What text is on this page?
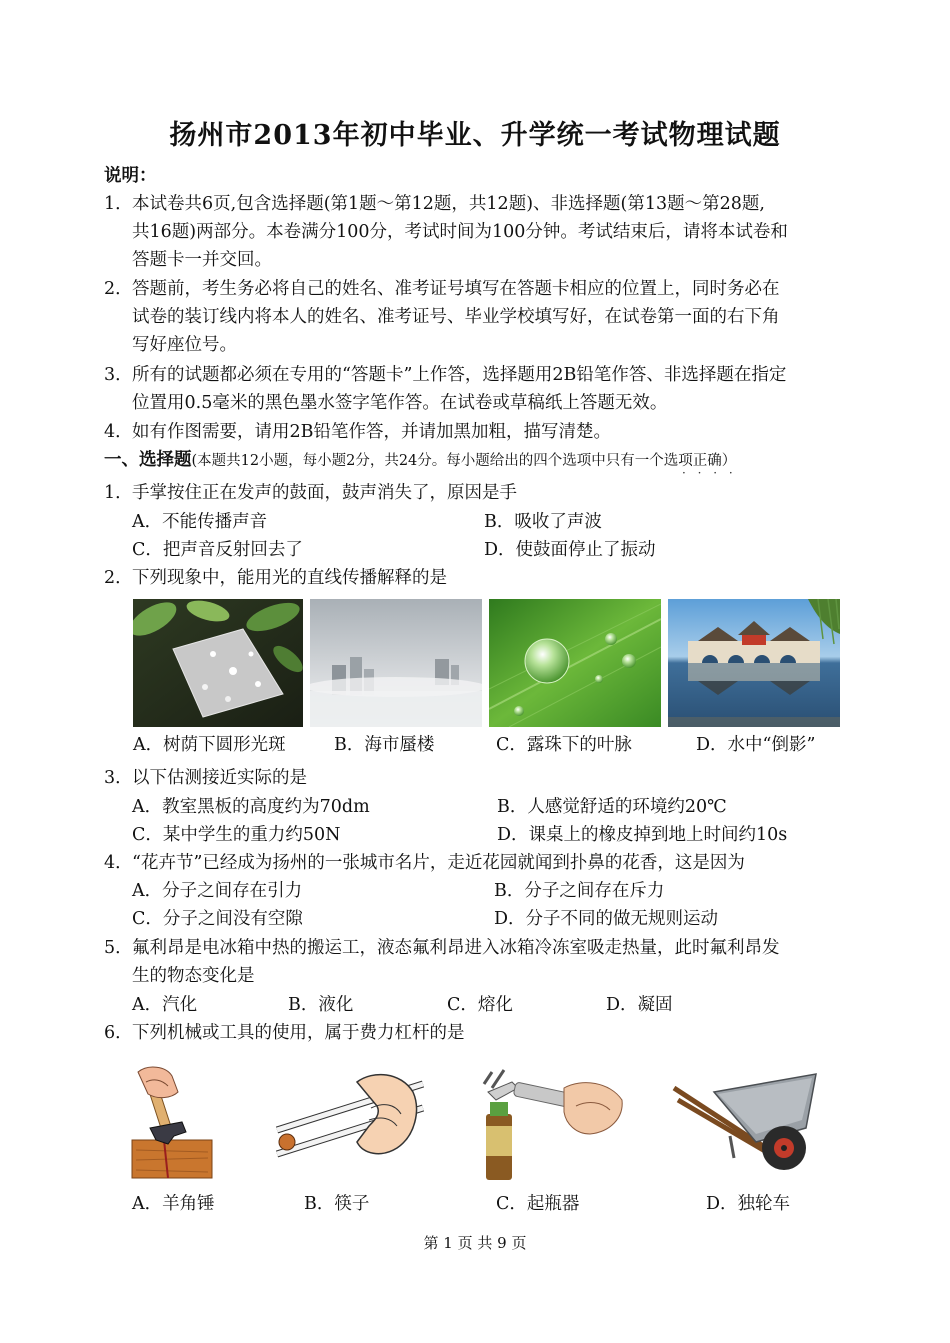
扬州市2013年初中毕业、升学统一考试物理试题
说明：
1． 本试卷共6页,包含选择题(第1题～第12题，共12题)、非选择题(第13题～第28题,
共16题)两部分。本卷满分100分，考试时间为100分钟。考试结束后，请将本试卷和
答题卡一并交回。
2． 答题前，考生务必将自己的姓名、准考证号填写在答题卡相应的位置上，同时务必在
试卷的装订线内将本人的姓名、准考证号、毕业学校填写好，在试卷第一面的右下角
写好座位号。
3． 所有的试题都必须在专用的“答题卡”上作答，选择题用2B铅笔作答、非选择题在指定
位置用0.5毫米的黑色墨水签字笔作答。在试卷或草稿纸上答题无效。
4． 如有作图需要，请用2B铅笔作答，并请加黑加粗，描写清楚。
一、选择题(本题共12小题，每小题2分，共24分。每小题给出的四个选项中只有一个选项正确）
· · · ·
1． 手掌按住正在发声的鼓面，鼓声消失了，原因是手
A．不能传播声音	B．吸收了声波
C．把声音反射回去了	D．使鼓面停止了振动
2． 下列现象中，能用光的直线传播解释的是
A．树荫下圆形光斑	B．海市蜃楼	C．露珠下的叶脉	D．水中“倒影”
3． 以下估测接近实际的是
A．教室黑板的高度约为70dm	B．人感觉舒适的环境约20℃
C．某中学生的重力约50N	D．课桌上的橡皮掉到地上时间约10s
4． “花卉节”已经成为扬州的一张城市名片，走近花园就闻到扑鼻的花香，这是因为
A．分子之间存在引力	B．分子之间存在斥力
C．分子之间没有空隙	D．分子不同的做无规则运动
5． 氟利昂是电冰箱中热的搬运工，液态氟利昂进入冰箱冷冻室吸走热量，此时氟利昂发
生的物态变化是
A．汽化	B．液化	C．熔化	D．凝固
6． 下列机械或工具的使用，属于费力杠杆的是
A．羊角锤	B．筷子	C．起瓶器	D．独轮车
第 1 页 共 9 页
